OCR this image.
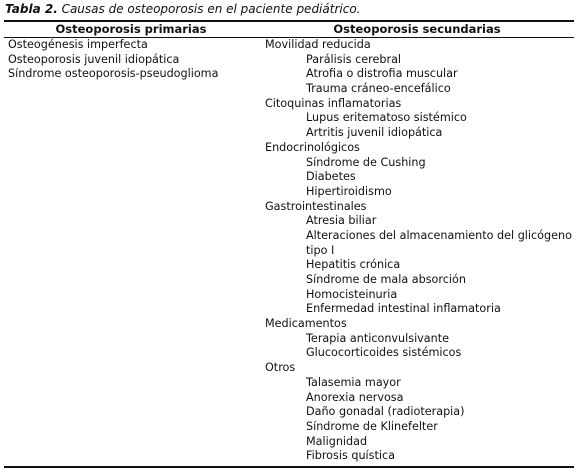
Tabla 2. Causas de osteoporosis en el paciente pediátrico.
Osteoporosis primarias	Osteoporosis secundarias
Osteogénesis imperfecta
Osteoporosis juvenil idiopática
Síndrome osteoporosis-pseudoglioma
Movilidad reducida
Parálisis cerebral
Atrofia o distrofia muscular
Trauma cráneo-encefálico
Citoquinas inflamatorias
Lupus eritematoso sistémico
Artritis juvenil idiopática
Endocrinológicos
Síndrome de Cushing
Diabetes
Hipertiroidismo
Gastrointestinales
Atresia biliar
Alteraciones del almacenamiento del glicógeno
tipo I
Hepatitis crónica
Síndrome de mala absorción
Homocisteinuria
Enfermedad intestinal inflamatoria
Medicamentos
Terapia anticonvulsivante
Glucocorticoides sistémicos
Otros
Talasemia mayor
Anorexia nervosa
Daño gonadal (radioterapia)
Síndrome de Klinefelter
Malignidad
Fibrosis quística
